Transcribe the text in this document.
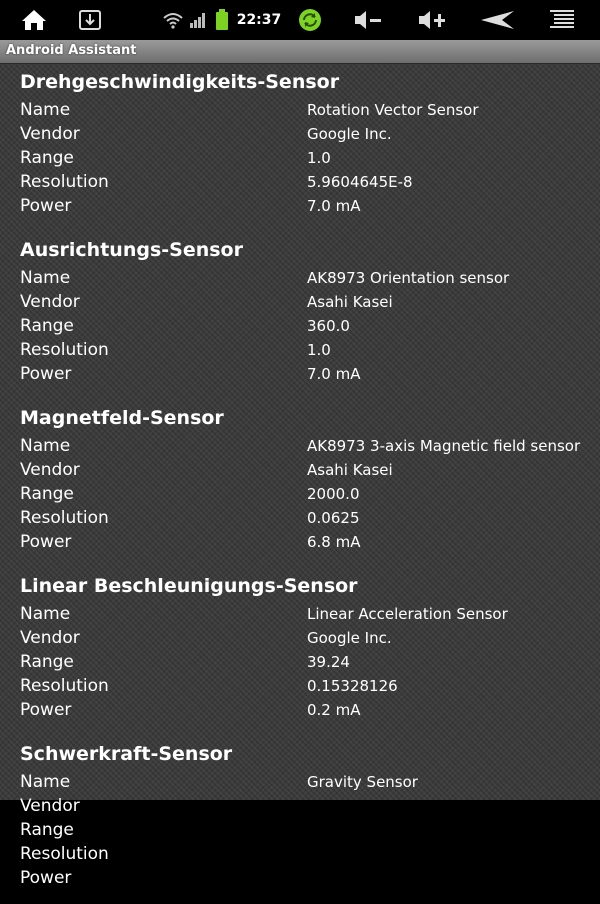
22:37
Android Assistant
Drehgeschwindigkeits-Sensor
Name	Rotation Vector Sensor
Vendor	Google Inc.
Range	1.0
Resolution	5.9604645E-8
Power	7.0 mA
Ausrichtungs-Sensor
Name	AK8973 Orientation sensor
Vendor	Asahi Kasei
Range	360.0
Resolution	1.0
Power	7.0 mA
Magnetfeld-Sensor
Name	AK8973 3-axis Magnetic field sensor
Vendor	Asahi Kasei
Range	2000.0
Resolution	0.0625
Power	6.8 mA
Linear Beschleunigungs-Sensor
Name	Linear Acceleration Sensor
Vendor	Google Inc.
Range	39.24
Resolution	0.15328126
Power	0.2 mA
Schwerkraft-Sensor
Name	Gravity Sensor
Vendor
Range
Resolution
Power
